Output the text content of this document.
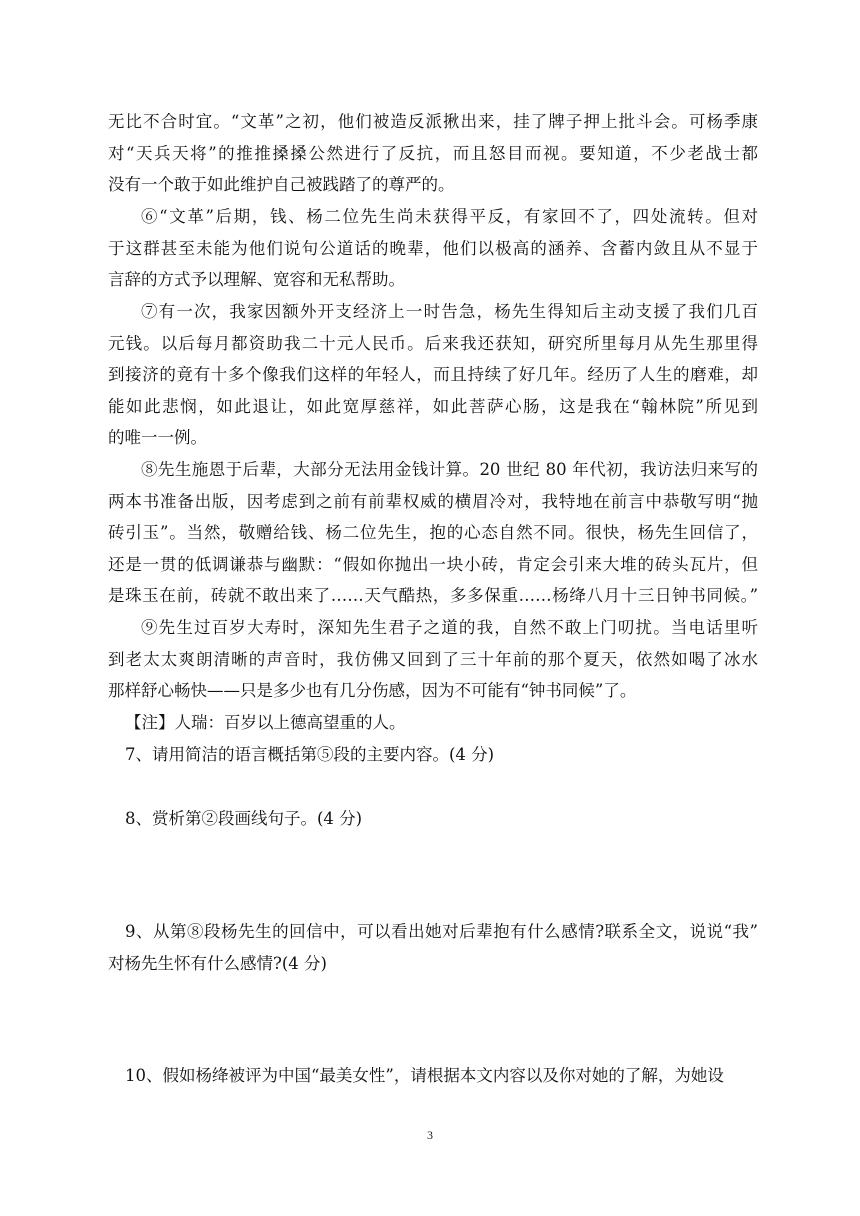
无比不合时宜。“文革”之初，他们被造反派揪出来，挂了牌子押上批斗会。可杨季康
对“天兵天将”的推推搡搡公然进行了反抗，而且怒目而视。要知道，不少老战士都
没有一个敢于如此维护自己被践踏了的尊严的。
⑥“文革”后期，钱、杨二位先生尚未获得平反，有家回不了，四处流转。但对
于这群甚至未能为他们说句公道话的晚辈，他们以极高的涵养、含蓄内敛且从不显于
言辞的方式予以理解、宽容和无私帮助。
⑦有一次，我家因额外开支经济上一时告急，杨先生得知后主动支援了我们几百
元钱。以后每月都资助我二十元人民币。后来我还获知，研究所里每月从先生那里得
到接济的竟有十多个像我们这样的年轻人，而且持续了好几年。经历了人生的磨难，却
能如此悲悯，如此退让，如此宽厚慈祥，如此菩萨心肠，这是我在“翰林院”所见到
的唯一一例。
⑧先生施恩于后辈，大部分无法用金钱计算。20 世纪 80 年代初，我访法归来写的
两本书准备出版，因考虑到之前有前辈权威的横眉冷对，我特地在前言中恭敬写明“抛
砖引玉”。当然，敬赠给钱、杨二位先生，抱的心态自然不同。很快，杨先生回信了，
还是一贯的低调谦恭与幽默：“假如你抛出一块小砖，肯定会引来大堆的砖头瓦片，但
是珠玉在前，砖就不敢出来了……天气酷热，多多保重……杨绛八月十三日钟书同候。”
⑨先生过百岁大寿时，深知先生君子之道的我，自然不敢上门叨扰。当电话里听
到老太太爽朗清晰的声音时，我仿佛又回到了三十年前的那个夏天，依然如喝了冰水
那样舒心畅快——只是多少也有几分伤感，因为不可能有“钟书同候”了。
【注】人瑞：百岁以上德高望重的人。
7、请用简洁的语言概括第⑤段的主要内容。(4 分)
8、赏析第②段画线句子。(4 分)
9、从第⑧段杨先生的回信中，可以看出她对后辈抱有什么感情?联系全文，说说“我”
对杨先生怀有什么感情?(4 分)
10、假如杨绛被评为中国“最美女性”，请根据本文内容以及你对她的了解，为她设
3
